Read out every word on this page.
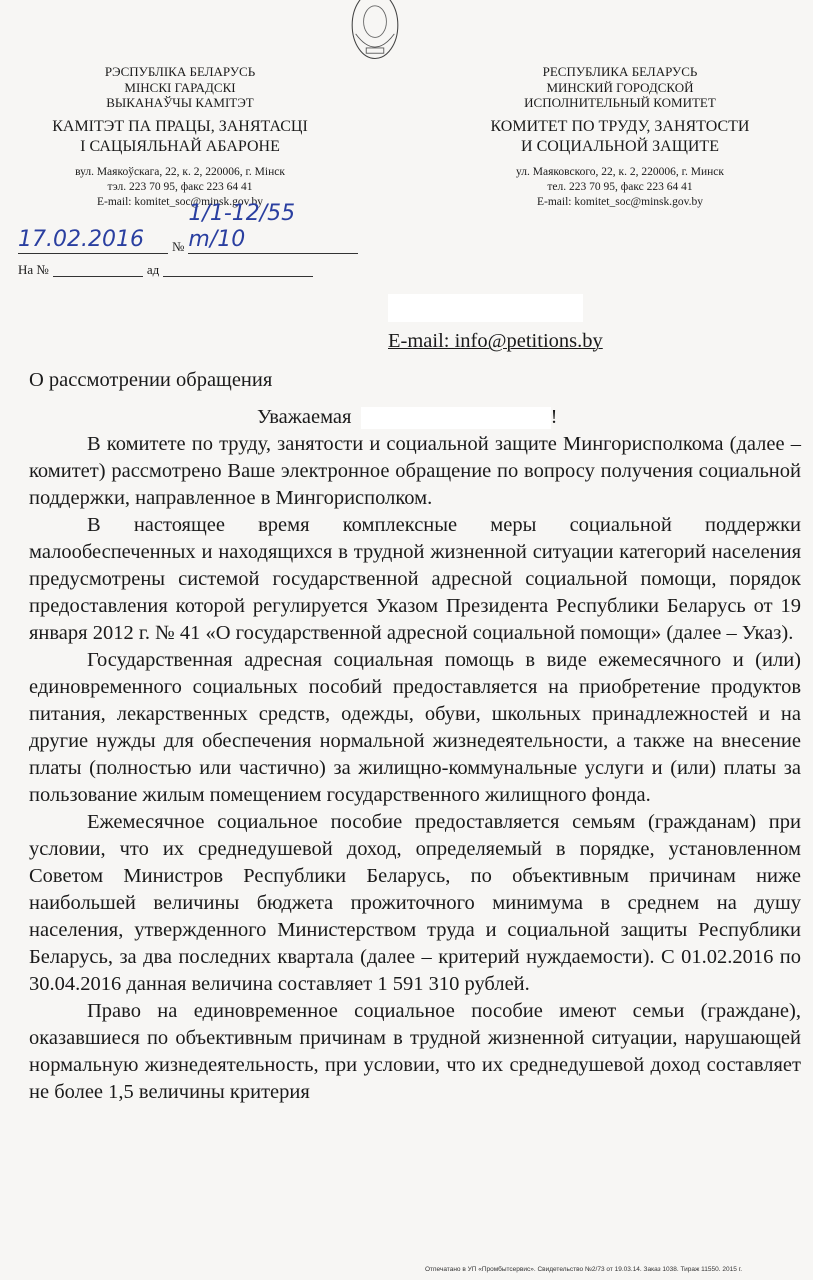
РЭСПУБЛІКА БЕЛАРУСЬ
МІНСКІ ГАРАДСКІ
ВЫКАНАЎЧЫ КАМІТЭТ
КАМІТЭТ ПА ПРАЦЫ, ЗАНЯТАСЦІ
І САЦЫЯЛЬНАЙ АБАРОНЕ
вул. Маякоўскага, 22, к. 2, 220006, г. Мінск
тэл. 223 70 95, факс 223 64 41
E-mail: komitet_soc@minsk.gov.by
РЕСПУБЛИКА БЕЛАРУСЬ
МИНСКИЙ ГОРОДСКОЙ
ИСПОЛНИТЕЛЬНЫЙ КОМИТЕТ
КОМИТЕТ ПО ТРУДУ, ЗАНЯТОСТИ
И СОЦИАЛЬНОЙ ЗАЩИТЕ
ул. Маяковского, 22, к. 2, 220006, г. Минск
тел. 223 70 95, факс 223 64 41
E-mail: komitet_soc@minsk.gov.by
17.02.2016	№
1/1-12/55 m/10
На №	ад
E-mail: info@petitions.by
О рассмотрении обращения
Уважаемая	!

В комитете по труду, занятости и социальной защите Мингорисполкома (далее – комитет) рассмотрено Ваше электронное обращение по вопросу получения социальной поддержки, направленное в Мингорисполком.

В настоящее время комплексные меры социальной поддержки малообеспеченных и находящихся в трудной жизненной ситуации категорий населения предусмотрены системой государственной адресной социальной помощи, порядок предоставления которой регулируется Указом Президента Республики Беларусь от 19 января 2012 г. № 41 «О государственной адресной социальной помощи» (далее – Указ).

Государственная адресная социальная помощь в виде ежемесячного и (или) единовременного социальных пособий предоставляется на приобретение продуктов питания, лекарственных средств, одежды, обуви, школьных принадлежностей и на другие нужды для обеспечения нормальной жизнедеятельности, а также на внесение платы (полностью или частично) за жилищно-коммунальные услуги и (или) платы за пользование жилым помещением государственного жилищного фонда.

Ежемесячное социальное пособие предоставляется семьям (гражданам) при условии, что их среднедушевой доход, определяемый в порядке, установленном Советом Министров Республики Беларусь, по объективным причинам ниже наибольшей величины бюджета прожиточного минимума в среднем на душу населения, утвержденного Министерством труда и социальной защиты Республики Беларусь, за два последних квартала (далее – критерий нуждаемости). С 01.02.2016 по 30.04.2016 данная величина составляет 1 591 310 рублей.

Право на единовременное социальное пособие имеют семьи (граждане), оказавшиеся по объективным причинам в трудной жизненной ситуации, нарушающей нормальную жизнедеятельность, при условии, что их среднедушевой доход составляет не более 1,5 величины критерия

Отпечатано в УП «Промбытсервис». Свидетельство №2/73 от 19.03.14. Заказ 1038. Тираж 11550. 2015 г.
